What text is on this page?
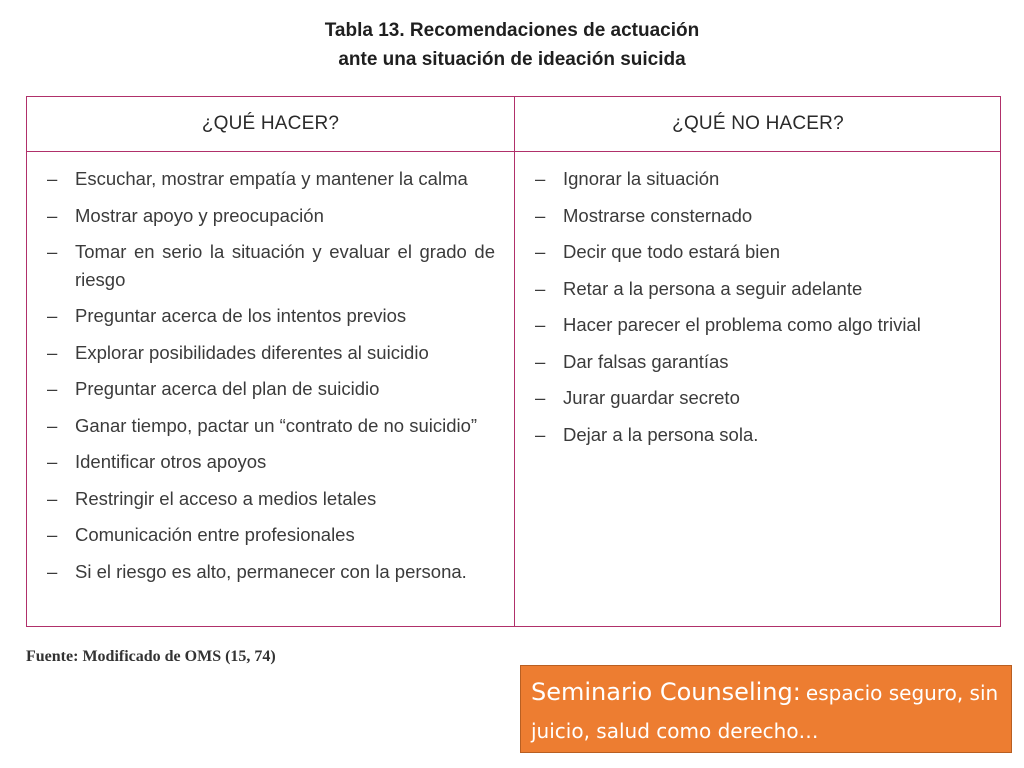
Tabla 13. Recomendaciones de actuación
ante una situación de ideación suicida
¿QUÉ HACER?	¿QUÉ NO HACER?
– Escuchar, mostrar empatía y mantener la calma
– Mostrar apoyo y preocupación
– Tomar en serio la situación y evaluar el grado de riesgo
– Preguntar acerca de los intentos previos
– Explorar posibilidades diferentes al suicidio
– Preguntar acerca del plan de suicidio
– Ganar tiempo, pactar un “contrato de no suicidio”
– Identificar otros apoyos
– Restringir el acceso a medios letales
– Comunicación entre profesionales
– Si el riesgo es alto, permanecer con la persona.
– Ignorar la situación
– Mostrarse consternado
– Decir que todo estará bien
– Retar a la persona a seguir adelante
– Hacer parecer el problema como algo trivial
– Dar falsas garantías
– Jurar guardar secreto
– Dejar a la persona sola.
Fuente: Modificado de OMS (15, 74)
Seminario Counseling: espacio seguro, sin juicio, salud como derecho…
